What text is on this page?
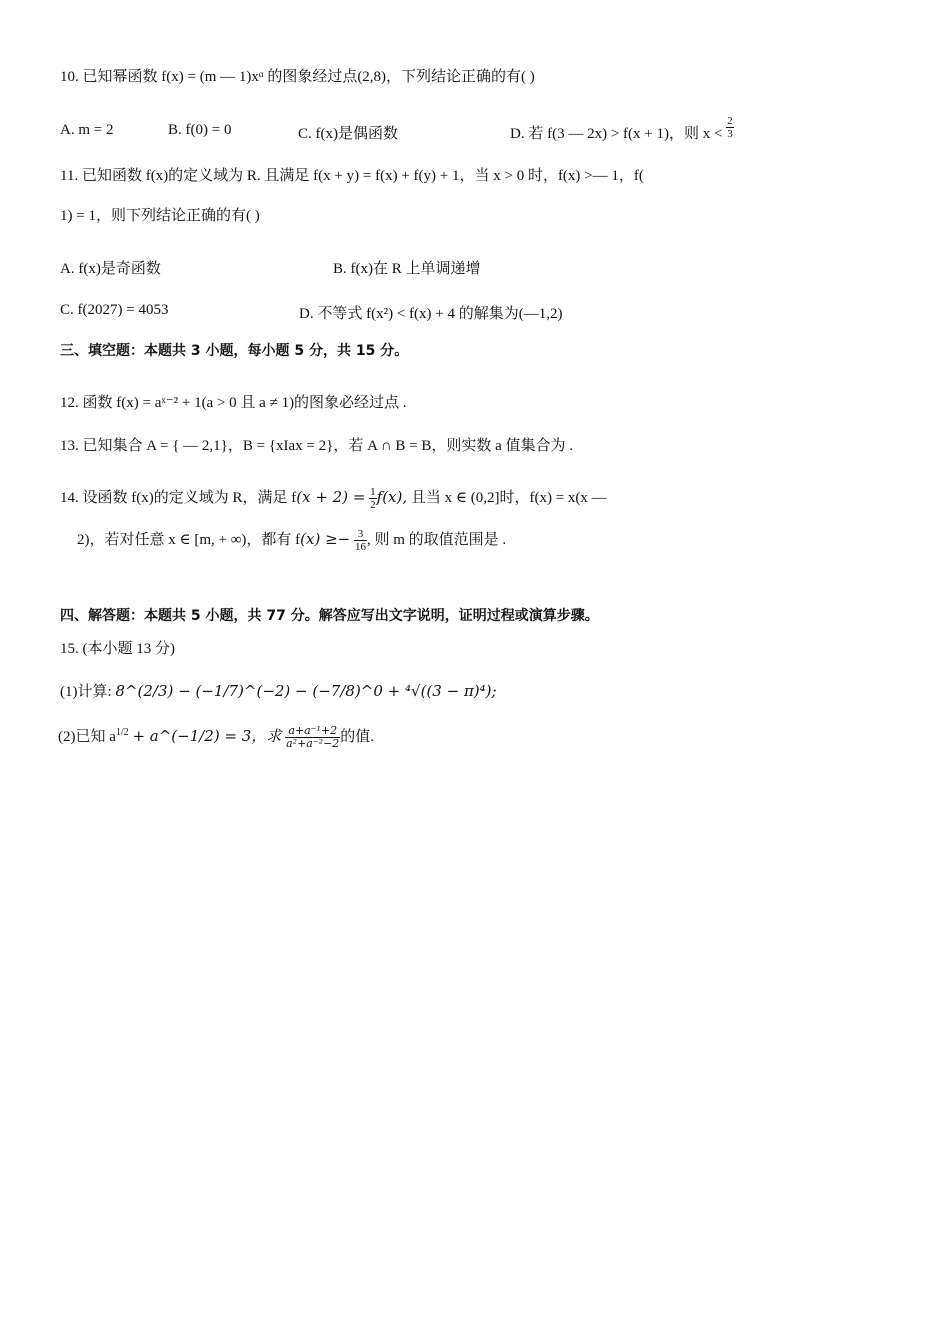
10. 已知幂函数 f(x) = (m — 1)xᵅ 的图象经过点(2,8)，下列结论正确的有( )
A. m = 2	B. f(0) = 0	C. f(x)是偶函数	D. 若 f(3 — 2x) > f(x + 1)，则 $x < \frac{2}{3}$
11. 已知函数 f(x)的定义域为 R. 且满足 f(x + y) = f(x) + f(y) + 1，当 x > 0 时，f(x) >— 1，f(
1) = 1，则下列结论正确的有( )
A. f(x)是奇函数	B. f(x)在 R 上单调递增
C. f(2027) = 4053	D. 不等式 f(x²) < f(x) + 4 的解集为(—1,2)
三、填空题：本题共 3 小题，每小题 5 分，共 15 分。
12. 函数 f(x) = aˣ⁻² + 1(a > 0 且 a ≠ 1)的图象必经过点 .
13. 已知集合 A = { — 2,1}，B = {xIax = 2}，若 A ∩ B = B，则实数 a 值集合为 .
14. 设函数 f(x)的定义域为 R，满足 $f(x + 2) = \frac{1}{2} f(x)$, 且当 x ∈ (0,2]时，f(x) = x(x —
2)，若对任意 x ∈ [m, + ∞)，都有 $f(x) \ge- \frac{3}{16}$ , 则 m 的取值范围是 .
四、解答题：本题共 5 小题，共 77 分。解答应写出文字说明，证明过程或演算步骤。
15. (本小题 13 分)
(1)计算: 8^(2/3) − (−1/7)^(−2) − (−7/8)^0 + ⁴√((3 − π)⁴);
(2)已知 $a^{1/2}$ + a^(−1/2) = 3，求 $\frac{\text{a+a⁻¹+2}}{\text{a²+a⁻²−2}}$ 的值.
